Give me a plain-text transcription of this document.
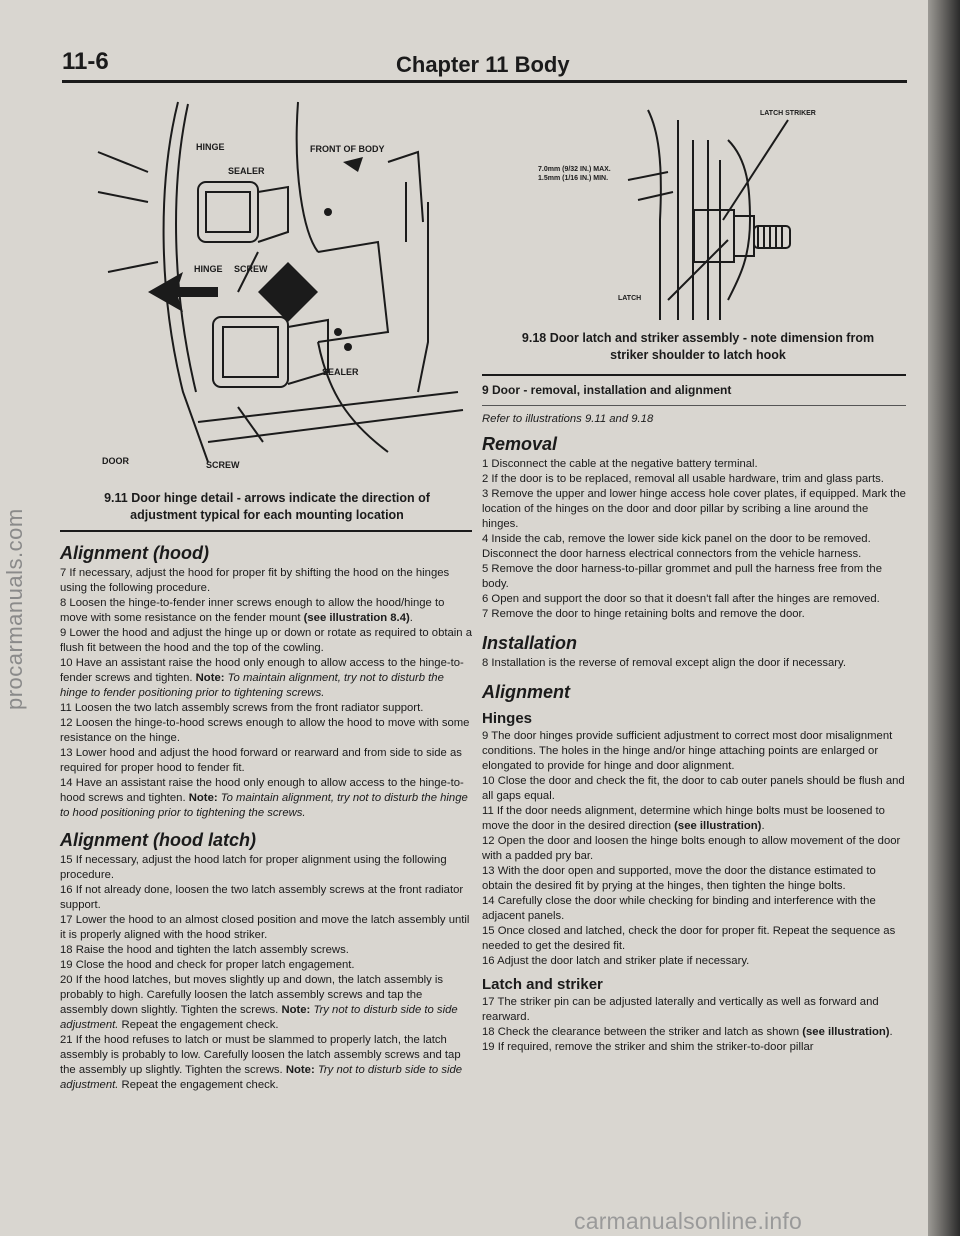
11-6	Chapter 11 Body
HINGE
SEALER
FRONT OF BODY
HINGE SCREW
SEALER
DOOR	SCREW
9.11 Door hinge detail - arrows indicate the direction of
adjustment typical for each mounting location
LATCH STRIKER
7.0mm (9/32 IN.) MAX.
1.5mm (1/16 IN.) MIN.
LATCH
9.18 Door latch and striker assembly - note dimension from
striker shoulder to latch hook
Alignment (hood)

7 If necessary, adjust the hood for proper fit by shifting the hood on the hinges using the following procedure.

8 Loosen the hinge-to-fender inner screws enough to allow the hood/hinge to move with some resistance on the fender mount (see illustration 8.4).

9 Lower the hood and adjust the hinge up or down or rotate as required to obtain a flush fit between the hood and the top of the cowling.

10 Have an assistant raise the hood only enough to allow access to the hinge-to-fender screws and tighten. Note: To maintain alignment, try not to disturb the hinge to fender positioning prior to tightening screws.

11 Loosen the two latch assembly screws from the front radiator support.

12 Loosen the hinge-to-hood screws enough to allow the hood to move with some resistance on the hinge.

13 Lower hood and adjust the hood forward or rearward and from side to side as required for proper hood to fender fit.

14 Have an assistant raise the hood only enough to allow access to the hinge-to-hood screws and tighten. Note: To maintain alignment, try not to disturb the hinge to hood positioning prior to tightening the screws.

Alignment (hood latch)

15 If necessary, adjust the hood latch for proper alignment using the following procedure.

16 If not already done, loosen the two latch assembly screws at the front radiator support.

17 Lower the hood to an almost closed position and move the latch assembly until it is properly aligned with the hood striker.

18 Raise the hood and tighten the latch assembly screws.

19 Close the hood and check for proper latch engagement.

20 If the hood latches, but moves slightly up and down, the latch assembly is probably to high. Carefully loosen the latch assembly screws and tap the assembly down slightly. Tighten the screws. Note: Try not to disturb side to side adjustment. Repeat the engagement check.

21 If the hood refuses to latch or must be slammed to properly latch, the latch assembly is probably to low. Carefully loosen the latch assembly screws and tap the assembly up slightly. Tighten the screws. Note: Try not to disturb side to side adjustment. Repeat the engagement check.

9 Door - removal, installation and alignment

Refer to illustrations 9.11 and 9.18

Removal

1 Disconnect the cable at the negative battery terminal.

2 If the door is to be replaced, removal all usable hardware, trim and glass parts.

3 Remove the upper and lower hinge access hole cover plates, if equipped. Mark the location of the hinges on the door and door pillar by scribing a line around the hinges.

4 Inside the cab, remove the lower side kick panel on the door to be removed. Disconnect the door harness electrical connectors from the vehicle harness.

5 Remove the door harness-to-pillar grommet and pull the harness free from the body.

6 Open and support the door so that it doesn't fall after the hinges are removed.

7 Remove the door to hinge retaining bolts and remove the door.

Installation

8 Installation is the reverse of removal except align the door if necessary.

Alignment
Hinges

9 The door hinges provide sufficient adjustment to correct most door misalignment conditions. The holes in the hinge and/or hinge attaching points are enlarged or elongated to provide for hinge and door alignment.

10 Close the door and check the fit, the door to cab outer panels should be flush and all gaps equal.

11 If the door needs alignment, determine which hinge bolts must be loosened to move the door in the desired direction (see illustration).

12 Open the door and loosen the hinge bolts enough to allow movement of the door with a padded pry bar.

13 With the door open and supported, move the door the distance estimated to obtain the desired fit by prying at the hinges, then tighten the hinge bolts.

14 Carefully close the door while checking for binding and interference with the adjacent panels.

15 Once closed and latched, check the door for proper fit. Repeat the sequence as needed to get the desired fit.

16 Adjust the door latch and striker plate if necessary.

Latch and striker

17 The striker pin can be adjusted laterally and vertically as well as forward and rearward.

18 Check the clearance between the striker and latch as shown (see illustration).

19 If required, remove the striker and shim the striker-to-door pillar

procarmanuals.com
carmanualsonline.info
